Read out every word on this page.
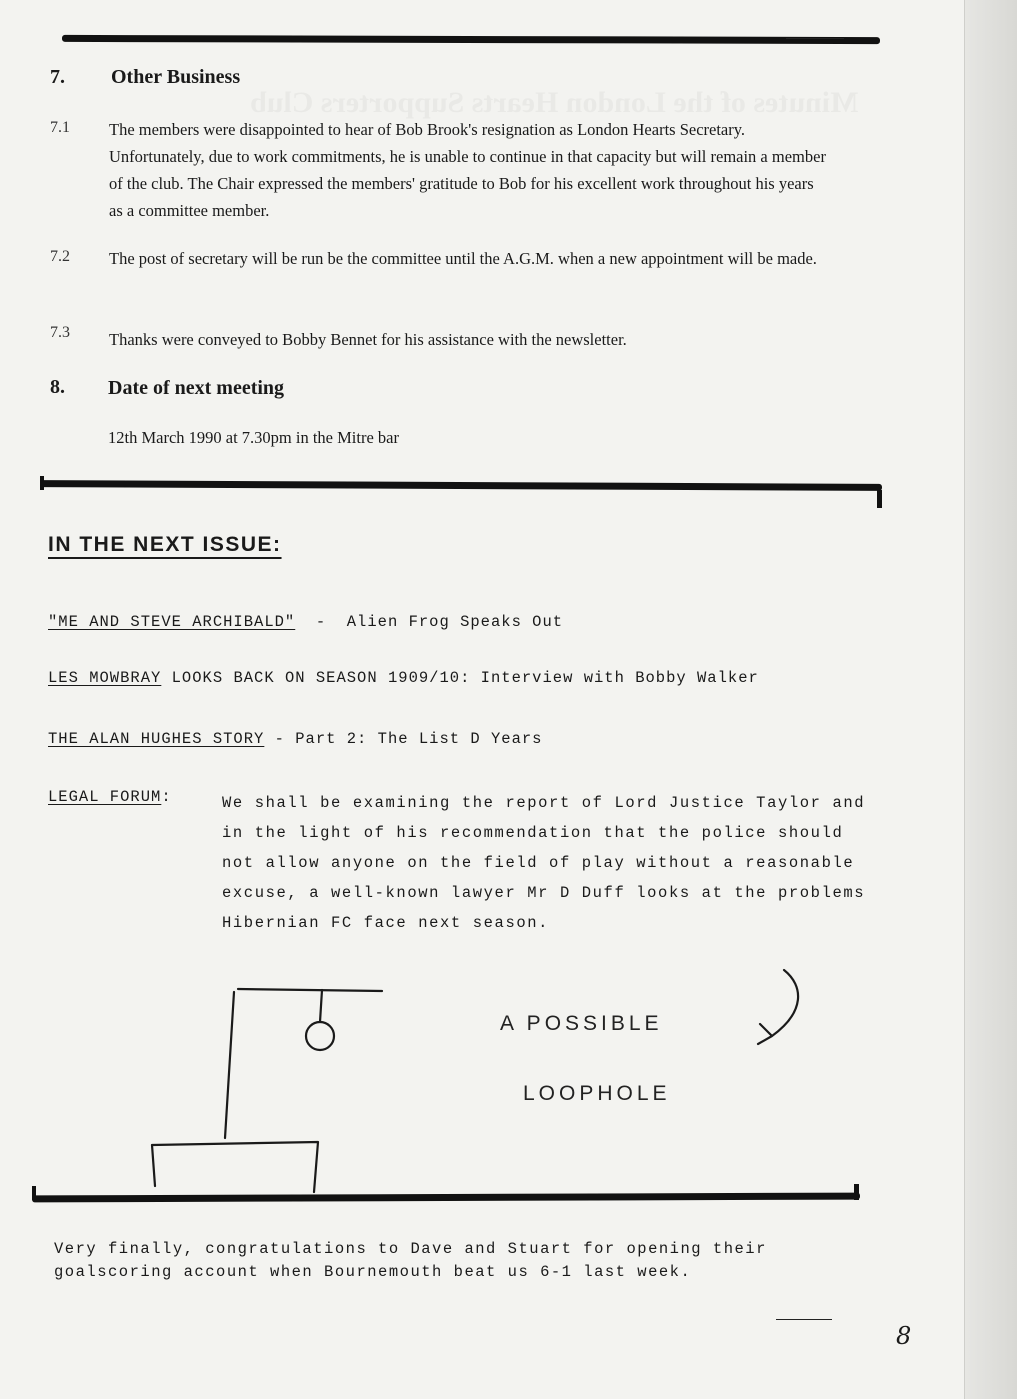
Minutes of the London Hearts Supporters Club
7. Other Business
7.1 The members were disappointed to hear of Bob Brook's resignation as London Hearts Secretary. Unfortunately, due to work commitments, he is unable to continue in that capacity but will remain a member of the club. The Chair expressed the members' gratitude to Bob for his excellent work throughout his years as a committee member.
7.2 The post of secretary will be run be the committee until the A.G.M. when a new appointment will be made.
7.3 Thanks were conveyed to Bobby Bennet for his assistance with the newsletter.
8. Date of next meeting
12th March 1990 at 7.30pm in the Mitre bar
IN THE NEXT ISSUE:
"ME AND STEVE ARCHIBALD"  -  Alien Frog Speaks Out
LES MOWBRAY LOOKS BACK ON SEASON 1909/10: Interview with Bobby Walker
THE ALAN HUGHES STORY - Part 2: The List D Years
LEGAL FORUM:	We shall be examining the report of Lord Justice Taylor and in the light of his recommendation that the police should not allow anyone on the field of play without a reasonable excuse, a well-known lawyer Mr D Duff looks at the problems Hibernian FC face next season.
A POSSIBLE
LOOPHOLE
Very finally, congratulations to Dave and Stuart for opening their goalscoring account when Bournemouth beat us 6-1 last week.
8
